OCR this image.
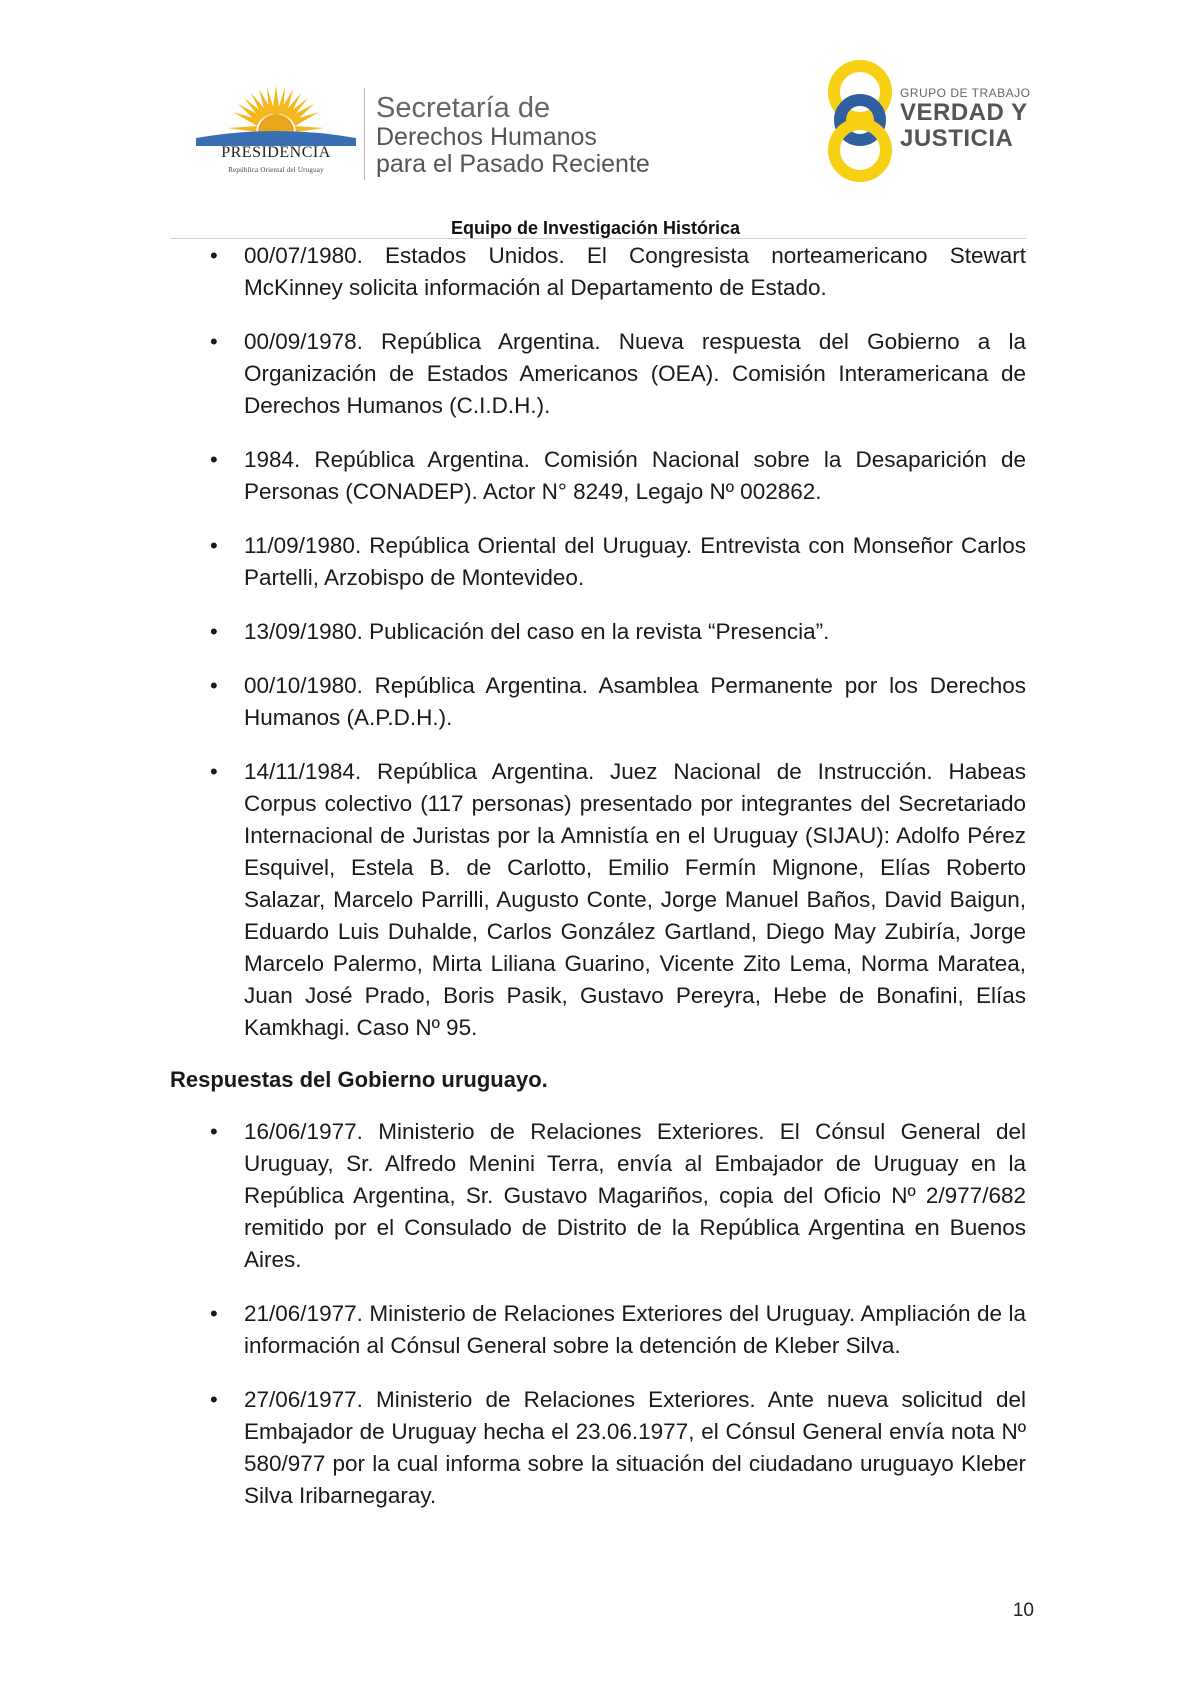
PRESIDENCIA
República Oriental del Uruguay
Secretaría de
Derechos Humanos
para el Pasado Reciente
GRUPO DE TRABAJO
VERDAD Y
JUSTICIA
Equipo de Investigación Histórica
• 00/07/1980. Estados Unidos. El Congresista norteamericano Stewart McKinney solicita información al Departamento de Estado.
• 00/09/1978. República Argentina. Nueva respuesta del Gobierno a la Organización de Estados Americanos (OEA). Comisión Interamericana de Derechos Humanos (C.I.D.H.).
• 1984. República Argentina. Comisión Nacional sobre la Desaparición de Personas (CONADEP). Actor N° 8249, Legajo Nº 002862.
• 11/09/1980. República Oriental del Uruguay. Entrevista con Monseñor Carlos Partelli, Arzobispo de Montevideo.
• 13/09/1980. Publicación del caso en la revista “Presencia”.
• 00/10/1980. República Argentina. Asamblea Permanente por los Derechos Humanos (A.P.D.H.).
• 14/11/1984. República Argentina. Juez Nacional de Instrucción. Habeas Corpus colectivo (117 personas) presentado por integrantes del Secretariado Internacional de Juristas por la Amnistía en el Uruguay (SIJAU): Adolfo Pérez Esquivel, Estela B. de Carlotto, Emilio Fermín Mignone, Elías Roberto Salazar, Marcelo Parrilli, Augusto Conte, Jorge Manuel Baños, David Baigun, Eduardo Luis Duhalde, Carlos González Gartland, Diego May Zubiría, Jorge Marcelo Palermo, Mirta Liliana Guarino, Vicente Zito Lema, Norma Maratea, Juan José Prado, Boris Pasik, Gustavo Pereyra, Hebe de Bonafini, Elías Kamkhagi. Caso Nº 95.

Respuestas del Gobierno uruguayo.

• 16/06/1977. Ministerio de Relaciones Exteriores. El Cónsul General del Uruguay, Sr. Alfredo Menini Terra, envía al Embajador de Uruguay en la República Argentina, Sr. Gustavo Magariños, copia del Oficio Nº 2/977/682 remitido por el Consulado de Distrito de la República Argentina en Buenos Aires.
• 21/06/1977. Ministerio de Relaciones Exteriores del Uruguay. Ampliación de la información al Cónsul General sobre la detención de Kleber Silva.
• 27/06/1977. Ministerio de Relaciones Exteriores. Ante nueva solicitud del Embajador de Uruguay hecha el 23.06.1977, el Cónsul General envía nota Nº 580/977 por la cual informa sobre la situación del ciudadano uruguayo Kleber Silva Iribarnegaray.
10
